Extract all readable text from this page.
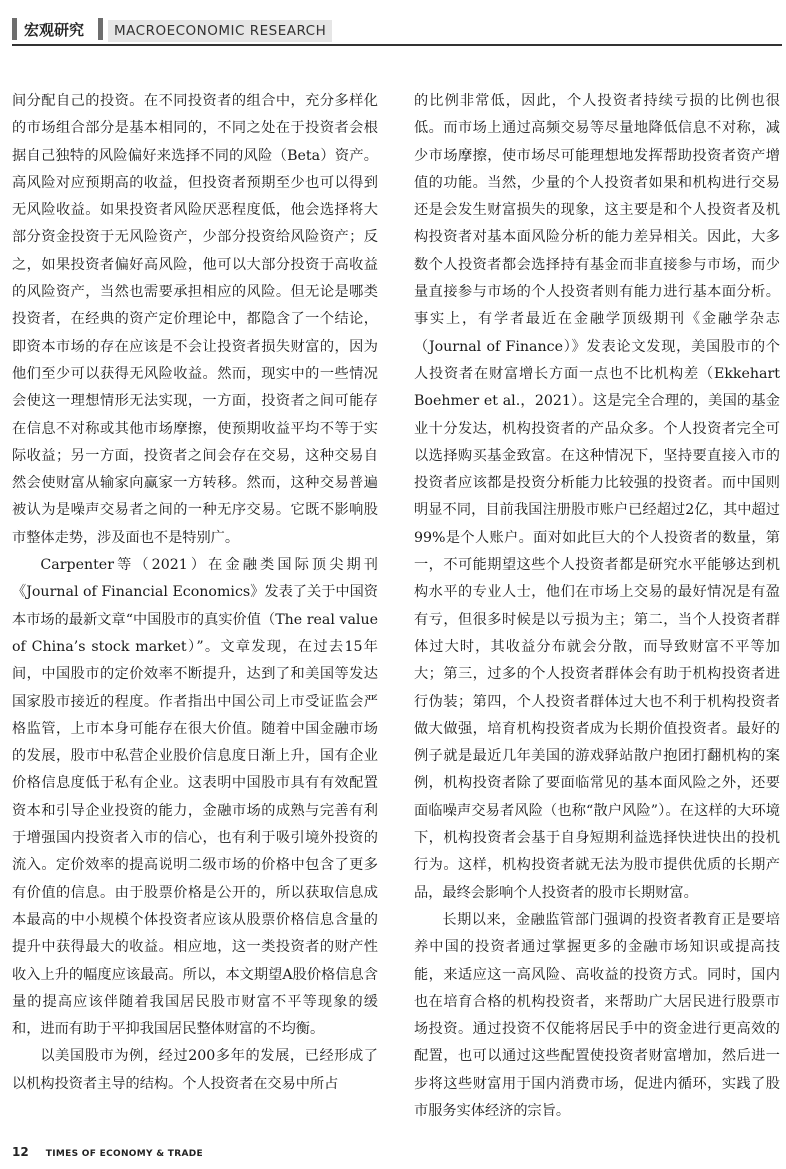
宏观研究	MACROECONOMIC RESEARCH

间分配自己的投资。在不同投资者的组合中，充分多样化的市场组合部分是基本相同的，不同之处在于投资者会根据自己独特的风险偏好来选择不同的风险（Beta）资产。高风险对应预期高的收益，但投资者预期至少也可以得到无风险收益。如果投资者风险厌恶程度低，他会选择将大部分资金投资于无风险资产，少部分投资给风险资产；反之，如果投资者偏好高风险，他可以大部分投资于高收益的风险资产，当然也需要承担相应的风险。但无论是哪类投资者，在经典的资产定价理论中，都隐含了一个结论，即资本市场的存在应该是不会让投资者损失财富的，因为他们至少可以获得无风险收益。然而，现实中的一些情况会使这一理想情形无法实现，一方面，投资者之间可能存在信息不对称或其他市场摩擦，使预期收益平均不等于实际收益；另一方面，投资者之间会存在交易，这种交易自然会使财富从输家向赢家一方转移。然而，这种交易普遍被认为是噪声交易者之间的一种无序交易。它既不影响股市整体走势，涉及面也不是特别广。

Carpenter等（2021）在金融类国际顶尖期刊《Journal of Financial Economics》发表了关于中国资本市场的最新文章“中国股市的真实价值（The real value of China’s stock market）”。文章发现，在过去15年间，中国股市的定价效率不断提升，达到了和美国等发达国家股市接近的程度。作者指出中国公司上市受证监会严格监管，上市本身可能存在很大价值。随着中国金融市场的发展，股市中私营企业股价信息度日渐上升，国有企业价格信息度低于私有企业。这表明中国股市具有有效配置资本和引导企业投资的能力，金融市场的成熟与完善有利于增强国内投资者入市的信心，也有利于吸引境外投资的流入。定价效率的提高说明二级市场的价格中包含了更多有价值的信息。由于股票价格是公开的，所以获取信息成本最高的中小规模个体投资者应该从股票价格信息含量的提升中获得最大的收益。相应地，这一类投资者的财产性收入上升的幅度应该最高。所以，本文期望A股价格信息含量的提高应该伴随着我国居民股市财富不平等现象的缓和，进而有助于平抑我国居民整体财富的不均衡。

以美国股市为例，经过200多年的发展，已经形成了以机构投资者主导的结构。个人投资者在交易中所占

的比例非常低，因此，个人投资者持续亏损的比例也很低。而市场上通过高频交易等尽量地降低信息不对称，减少市场摩擦，使市场尽可能理想地发挥帮助投资者资产增值的功能。当然，少量的个人投资者如果和机构进行交易还是会发生财富损失的现象，这主要是和个人投资者及机构投资者对基本面风险分析的能力差异相关。因此，大多数个人投资者都会选择持有基金而非直接参与市场，而少量直接参与市场的个人投资者则有能力进行基本面分析。事实上，有学者最近在金融学顶级期刊《金融学杂志（Journal of Finance）》发表论文发现，美国股市的个人投资者在财富增长方面一点也不比机构差（Ekkehart Boehmer et al.，2021）。这是完全合理的，美国的基金业十分发达，机构投资者的产品众多。个人投资者完全可以选择购买基金致富。在这种情况下，坚持要直接入市的投资者应该都是投资分析能力比较强的投资者。而中国则明显不同，目前我国注册股市账户已经超过2亿，其中超过99%是个人账户。面对如此巨大的个人投资者的数量，第一，不可能期望这些个人投资者都是研究水平能够达到机构水平的专业人士，他们在市场上交易的最好情况是有盈有亏，但很多时候是以亏损为主；第二，当个人投资者群体过大时，其收益分布就会分散，而导致财富不平等加大；第三，过多的个人投资者群体会有助于机构投资者进行伪装；第四，个人投资者群体过大也不利于机构投资者做大做强，培育机构投资者成为长期价值投资者。最好的例子就是最近几年美国的游戏驿站散户抱团打翻机构的案例，机构投资者除了要面临常见的基本面风险之外，还要面临噪声交易者风险（也称“散户风险”）。在这样的大环境下，机构投资者会基于自身短期利益选择快进快出的投机行为。这样，机构投资者就无法为股市提供优质的长期产品，最终会影响个人投资者的股市长期财富。

长期以来，金融监管部门强调的投资者教育正是要培养中国的投资者通过掌握更多的金融市场知识或提高技能，来适应这一高风险、高收益的投资方式。同时，国内也在培育合格的机构投资者，来帮助广大居民进行股票市场投资。通过投资不仅能将居民手中的资金进行更高效的配置，也可以通过这些配置使投资者财富增加，然后进一步将这些财富用于国内消费市场，促进内循环，实践了股市服务实体经济的宗旨。

12 TIMES OF ECONOMY & TRADE
